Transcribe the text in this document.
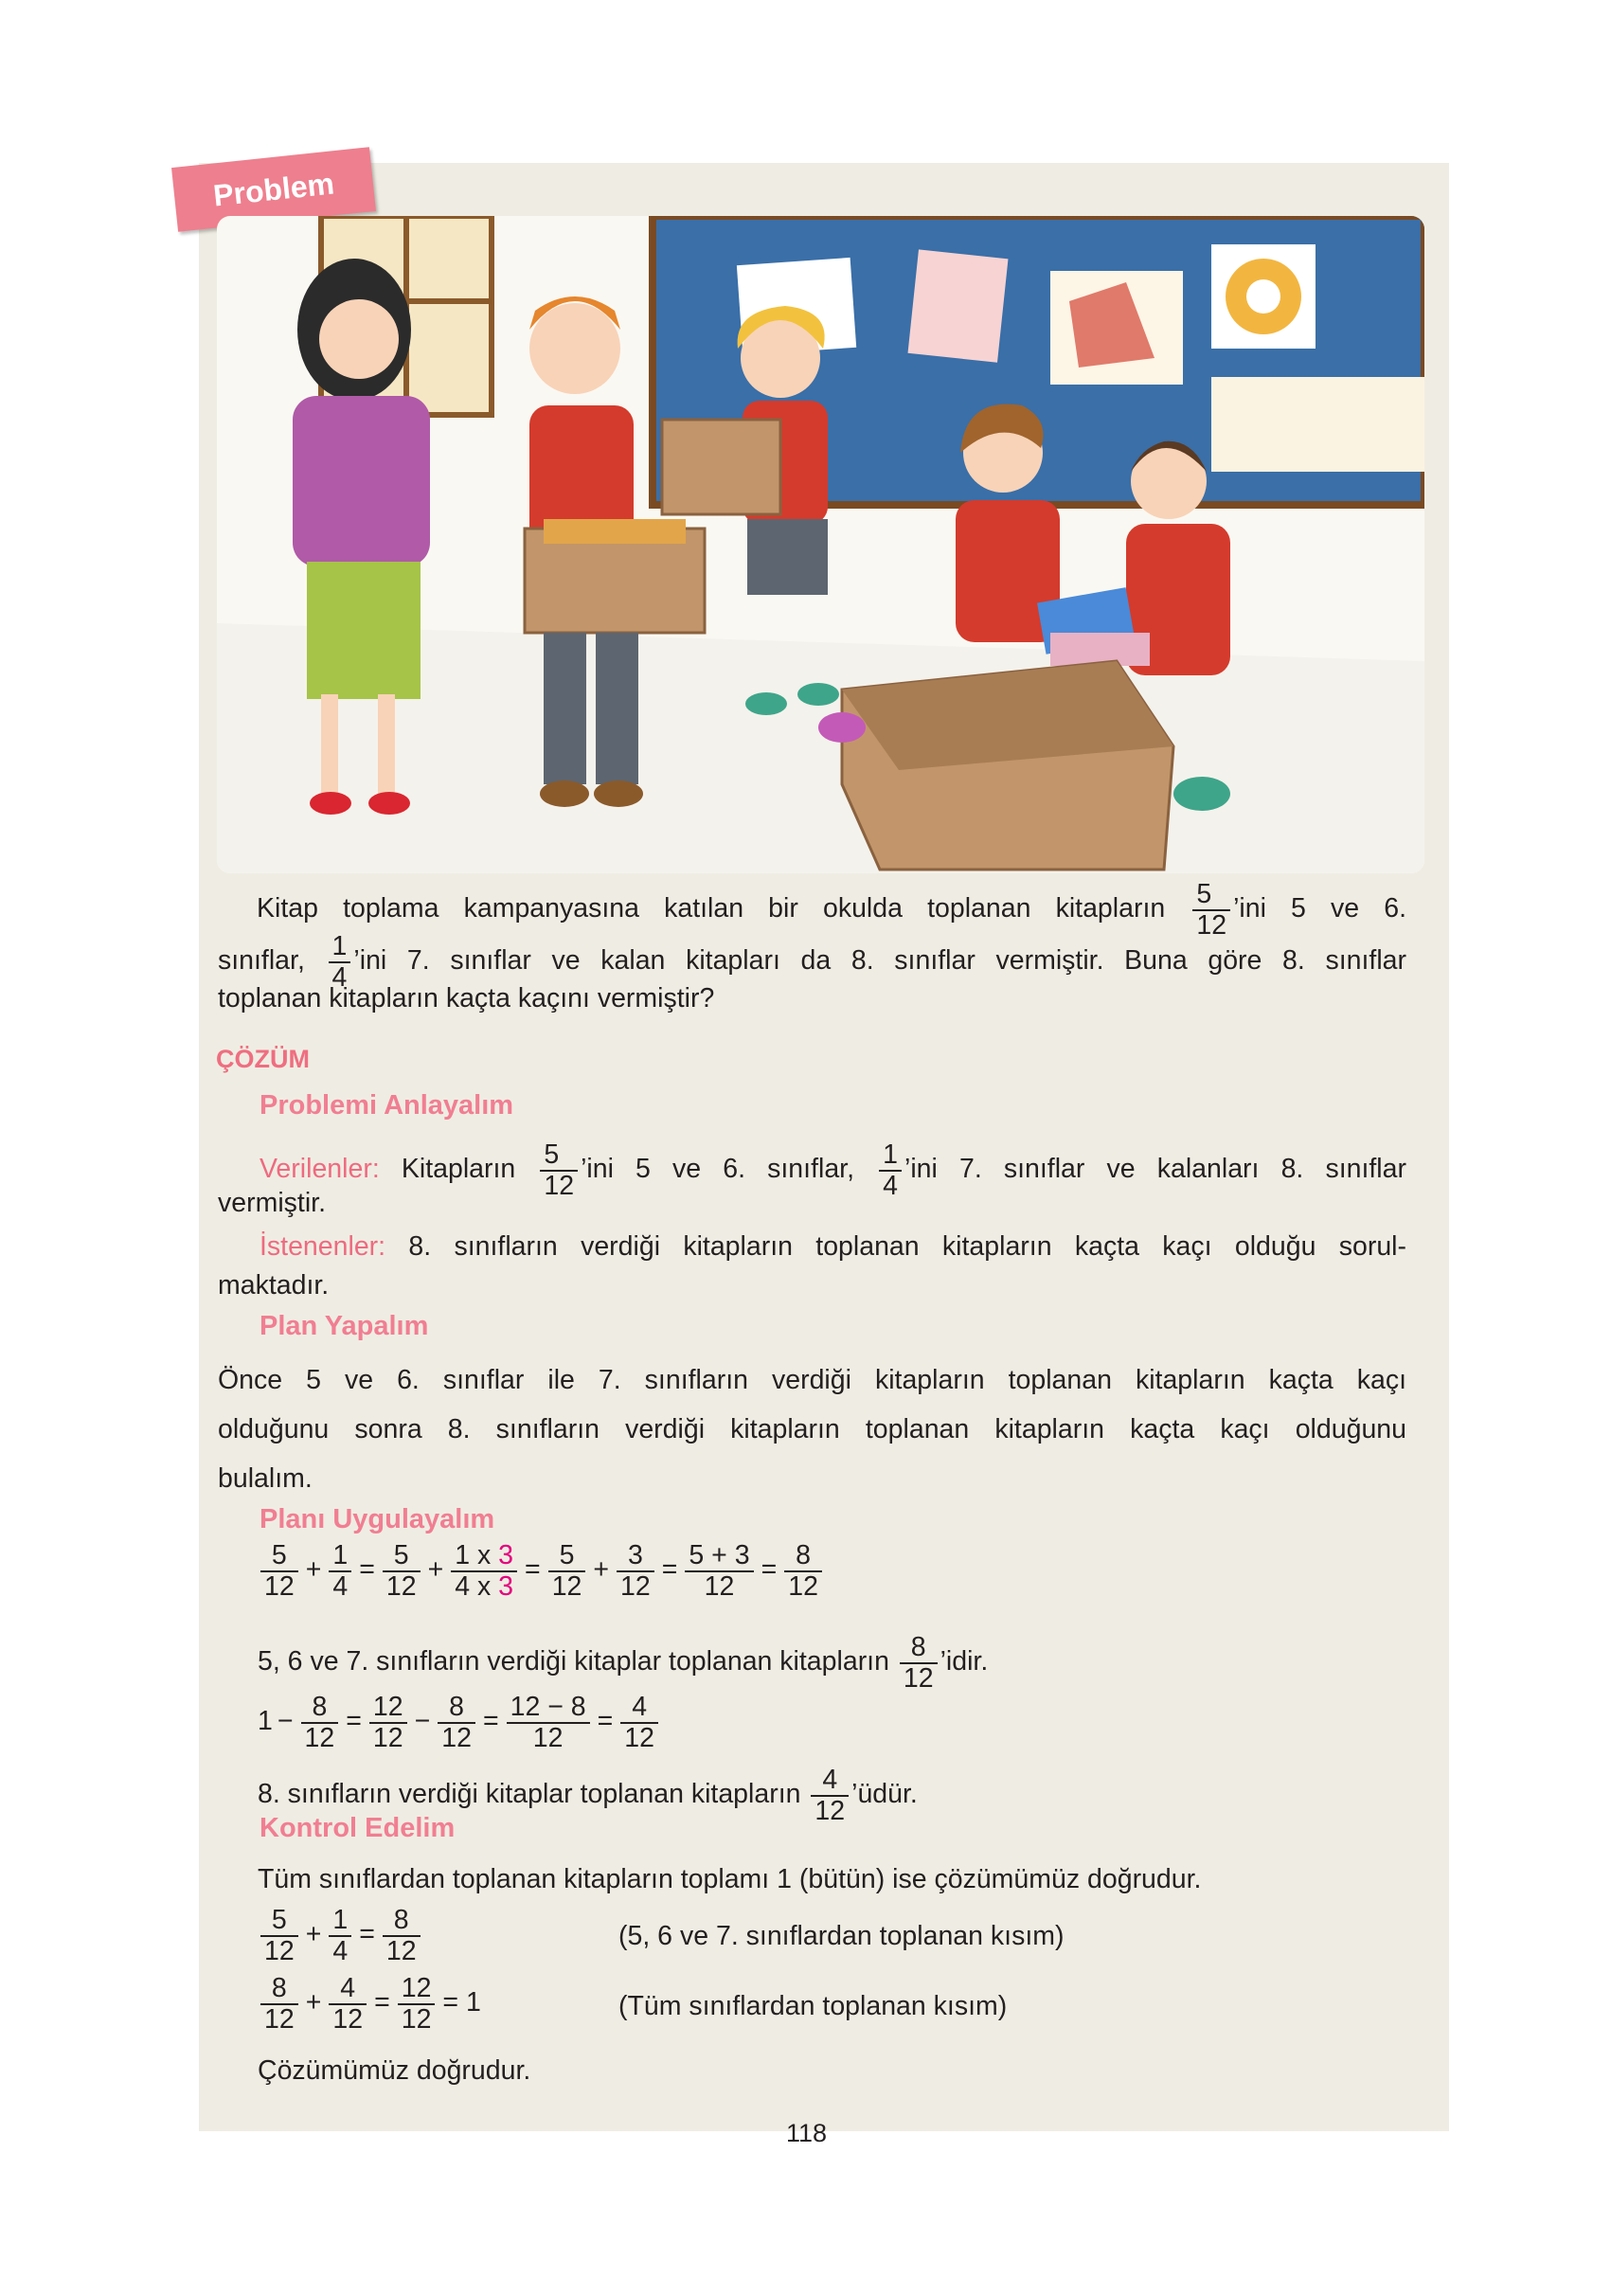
Problem
Kitap toplama kampanyasına katılan bir okulda toplanan kitapların $\frac{5}{12}$ ’ini 5 ve 6.
sınıflar, $\frac{1}{4}$ ’ini 7. sınıflar ve kalan kitapları da 8. sınıflar vermiştir. Buna göre 8. sınıflar
toplanan kitapların kaçta kaçını vermiştir?
ÇÖZÜM
Problemi Anlayalım
Verilenler: Kitapların $\frac{5}{12}$ ’ini 5 ve 6. sınıflar, $\frac{1}{4}$ ’ini 7. sınıflar ve kalanları 8. sınıflar
vermiştir.
İstenenler: 8. sınıfların verdiği kitapların toplanan kitapların kaçta kaçı olduğu sorul-
maktadır.
Plan Yapalım
Önce 5 ve 6. sınıflar ile 7. sınıfların verdiği kitapların toplanan kitapların kaçta kaçı
olduğunu sonra 8. sınıfların verdiği kitapların toplanan kitapların kaçta kaçı olduğunu
bulalım.
Planı Uygulayalım
$\frac{5}{12} + \frac{1}{4} = \frac{5}{12} + \frac{1 x 3}{4 x 3} = \frac{5}{12} + \frac{3}{12} = \frac{5 + 3}{12} = \frac{8}{12}$
5, 6 ve 7. sınıfların verdiği kitaplar toplanan kitapların $\frac{8}{12}$ ’idir.
$1 - \frac{8}{12} = \frac{12}{12} - \frac{8}{12} = \frac{12 - 8}{12} = \frac{4}{12}$
8. sınıfların verdiği kitaplar toplanan kitapların $\frac{4}{12}$ ’üdür.
Kontrol Edelim
Tüm sınıflardan toplanan kitapların toplamı 1 (bütün) ise çözümümüz doğrudur.
$\frac{5}{12} + \frac{1}{4} = \frac{8}{12}$	(5, 6 ve 7. sınıflardan toplanan kısım)
$\frac{8}{12} + \frac{4}{12} = \frac{12}{12} = 1$	(Tüm sınıflardan toplanan kısım)
Çözümümüz doğrudur.
118
